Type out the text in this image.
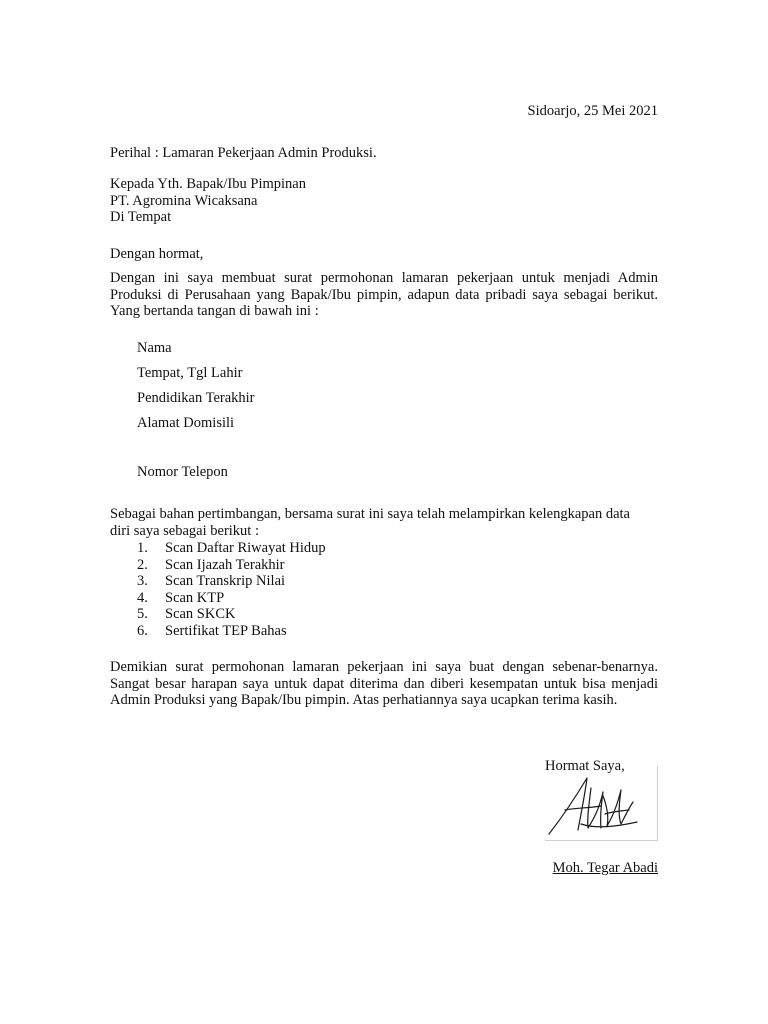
Sidoarjo, 25 Mei 2021
Perihal : Lamaran Pekerjaan Admin Produksi.
Kepada Yth. Bapak/Ibu Pimpinan
PT. Agromina Wicaksana
Di Tempat
Dengan hormat,
Dengan ini saya membuat surat permohonan lamaran pekerjaan untuk menjadi Admin Produksi di Perusahaan yang Bapak/Ibu pimpin, adapun data pribadi saya sebagai berikut. Yang bertanda tangan di bawah ini :
Nama
Tempat, Tgl Lahir
Pendidikan Terakhir
Alamat Domisili
Nomor Telepon
Sebagai bahan pertimbangan, bersama surat ini saya telah melampirkan kelengkapan data diri saya sebagai berikut :
1. Scan Daftar Riwayat Hidup
2. Scan Ijazah Terakhir
3. Scan Transkrip Nilai
4. Scan KTP
5. Scan SKCK
6. Sertifikat TEP Bahas
Demikian surat permohonan lamaran pekerjaan ini saya buat dengan sebenar-benarnya. Sangat besar harapan saya untuk dapat diterima dan diberi kesempatan untuk bisa menjadi Admin Produksi yang Bapak/Ibu pimpin. Atas perhatiannya saya ucapkan terima kasih.
Hormat Saya,
Moh. Tegar Abadi
